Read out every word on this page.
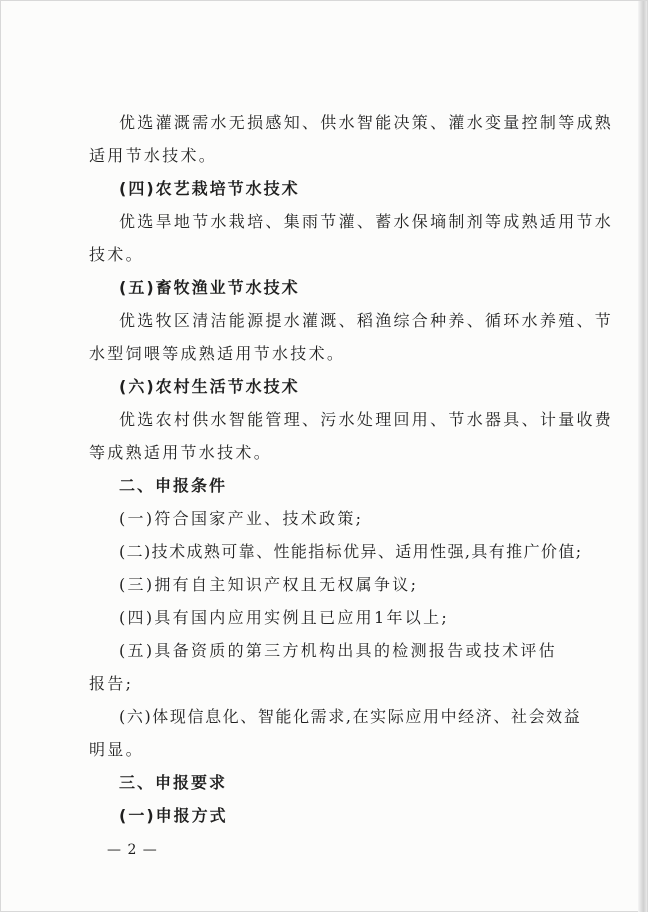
优选灌溉需水无损感知、供水智能决策、灌水变量控制等成熟
适用节水技术。
(四)农艺栽培节水技术
优选旱地节水栽培、集雨节灌、蓄水保墒制剂等成熟适用节水
技术。
(五)畜牧渔业节水技术
优选牧区清洁能源提水灌溉、稻渔综合种养、循环水养殖、节
水型饲喂等成熟适用节水技术。
(六)农村生活节水技术
优选农村供水智能管理、污水处理回用、节水器具、计量收费
等成熟适用节水技术。
二、申报条件
(一)符合国家产业、技术政策;
(二)技术成熟可靠、性能指标优异、适用性强,具有推广价值;
(三)拥有自主知识产权且无权属争议;
(四)具有国内应用实例且已应用1年以上;
(五)具备资质的第三方机构出具的检测报告或技术评估
报告;
(六)体现信息化、智能化需求,在实际应用中经济、社会效益
明显。
三、申报要求
(一)申报方式
— 2 —
